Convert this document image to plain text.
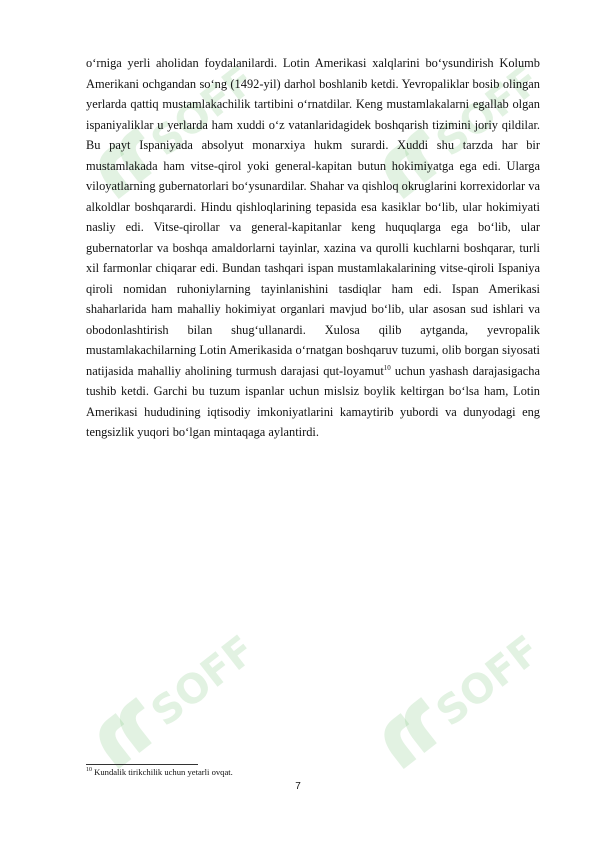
SOFF	SOFF
SOFF	SOFF

o‘rniga yerli aholidan foydalanilardi. Lotin Amerikasi xalqlarini bo‘ysundirish Kolumb Amerikani ochgandan so‘ng (1492-yil) darhol boshlanib ketdi. Yevropaliklar bosib olingan yerlarda qattiq mustamlakachilik tartibini o‘rnatdilar. Keng mustamlakalarni egallab olgan ispaniyaliklar u yerlarda ham xuddi o‘z vatanlaridagidek boshqarish tizimini joriy qildilar. Bu payt Ispaniyada absolyut monarxiya hukm surardi. Xuddi shu tarzda har bir mustamlakada ham vitse-qirol yoki general-kapitan butun hokimiyatga ega edi. Ularga viloyatlarning gubernatorlari bo‘ysunardilar. Shahar va qishloq okruglarini korrexidorlar va alkoldlar boshqarardi. Hindu qishloqlarining tepasida esa kasiklar bo‘lib, ular hokimiyati nasliy edi. Vitse-qirollar va general-kapitanlar keng huquqlarga ega bo‘lib, ular gubernatorlar va boshqa amaldorlarni tayinlar, xazina va qurolli kuchlarni boshqarar, turli xil farmonlar chiqarar edi. Bundan tashqari ispan mustamlakalarining vitse-qiroli Ispaniya qiroli nomidan ruhoniylarning tayinlanishini tasdiqlar ham edi. Ispan Amerikasi shaharlarida ham mahalliy hokimiyat organlari mavjud bo‘lib, ular asosan sud ishlari va obodonlashtirish bilan shug‘ullanardi. Xulosa qilib aytganda, yevropalik mustamlakachilarning Lotin Amerikasida o‘rnatgan boshqaruv tuzumi, olib borgan siyosati natijasida mahalliy aholining turmush darajasi qut-loyamut$^{10}$ uchun yashash darajasigacha tushib ketdi. Garchi bu tuzum ispanlar uchun mislsiz boylik keltirgan bo‘lsa ham, Lotin Amerikasi hududining iqtisodiy imkoniyatlarini kamaytirib yubordi va dunyodagi eng tengsizlik yuqori bo‘lgan mintaqaga aylantirdi.

$^{10}$ Kundalik tirikchilik uchun yetarli ovqat.

7
